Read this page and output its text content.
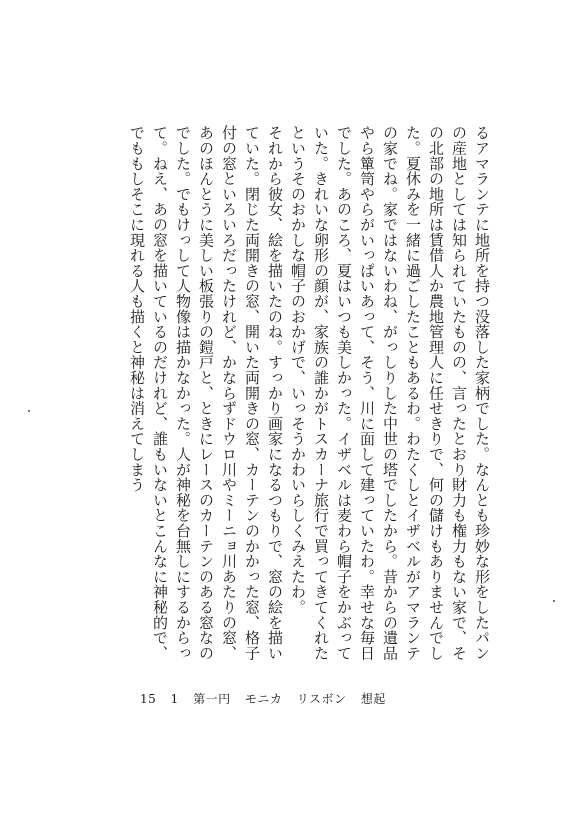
るアマランテに地所を持つ没落した家柄でした。なんとも珍妙な形をしたパンの産地としては知られていたものの、言ったとおり財力も権力もない家で、その北部の地所は賃借人か農地管理人に任せきりで、何の儲けもありませんでした。夏休みを一緒に過ごしたこともあるわ。わたくしとイザベルがアマランテの家でね。家ではないわね、がっしりした中世の塔でしたから。昔からの遺品やら簞笥やらがいっぱいあって、そう、川に面して建っていたわ。幸せな毎日でした。あのころ、夏はいつも美しかった。イザベルは麦わら帽子をかぶっていた。きれいな卵形の顔が、家族の誰かがトスカーナ旅行で買ってきてくれたというそのおかしな帽子のおかげで、いっそうかわいらしくみえたわ。

それから彼女、絵を描いたのね。すっかり画家になるつもりで、窓の絵を描いていた。閉じた両開きの窓、開いた両開きの窓、カーテンのかかった窓、格子付の窓といろいろだったけれど、かならずドウロ川やミーニョ川あたりの窓、あのほんとうに美しい板張りの鎧戸と、ときにレースのカーテンのある窓なのでした。でもけっして人物像は描かなかった。人が神秘を台無しにするからって。ねえ、あの窓を描いているのだけれど、誰もいないとこんなに神秘的で、でももしそこに現れる人も描くと神秘は消えてしまう

15 1 第一円 モニカ リスボン 想起
